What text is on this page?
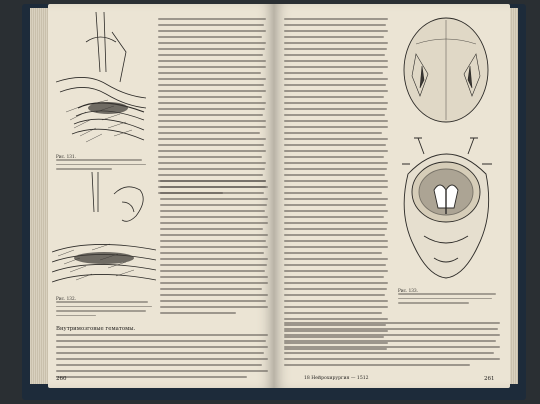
Рис. 131.
Рис. 132.
Внутримозговые гематомы.
260
Рис. 133.
18 Нейрохирургия — 1512	261
